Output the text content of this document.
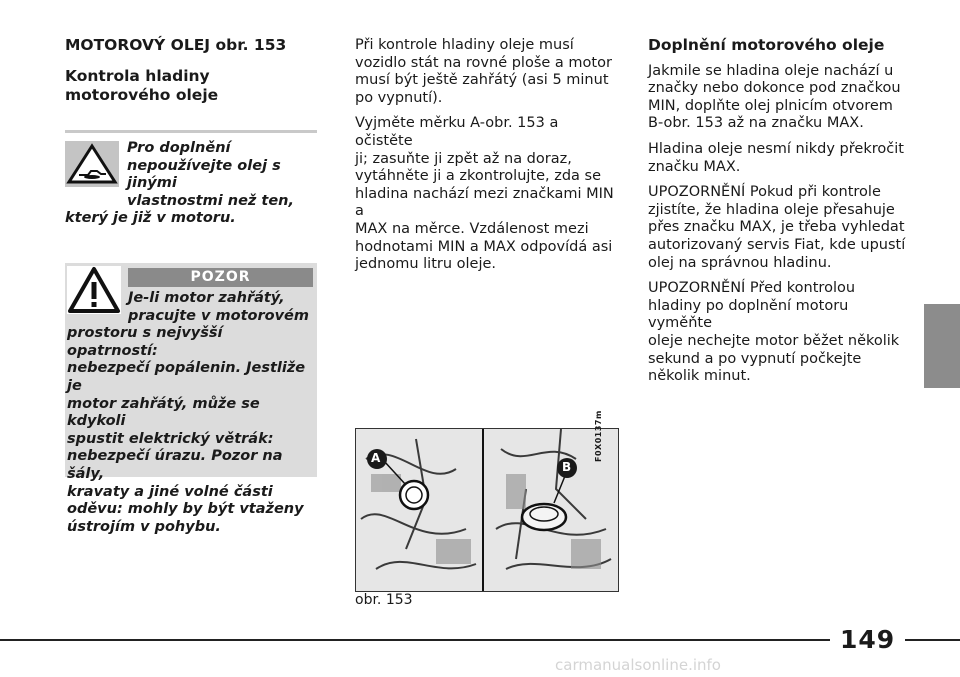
MOTOROVÝ OLEJ obr. 153
Kontrola hladiny motorového oleje
Pro doplnění
nepoužívejte olej s jinými
vlastnostmi než ten,
který je již v motoru.
POZOR
Je-li motor zahřátý,
pracujte v motorovém
prostoru s nejvyšší opatrností:
nebezpečí popálenin. Jestliže je
motor zahřátý, může se kdykoli
spustit elektrický větrák:
nebezpečí úrazu. Pozor na šály,
kravaty a jiné volné části
oděvu: mohly by být vtaženy
ústrojím v pohybu.

Při kontrole hladiny oleje musí
vozidlo stát na rovné ploše a motor
musí být ještě zahřátý (asi 5 minut
po vypnutí).

Vyjměte měrku A-obr. 153 a očistěte
ji; zasuňte ji zpět až na doraz,
vytáhněte ji a zkontrolujte, zda se
hladina nachází mezi značkami MIN a
MAX na měrce. Vzdálenost mezi
hodnotami MIN a MAX odpovídá asi
jednomu litru oleje.

A
B
F0X0137m
obr. 153
Doplnění motorového oleje

Jakmile se hladina oleje nachází u
značky nebo dokonce pod značkou
MIN, doplňte olej plnicím otvorem
B-obr. 153 až na značku MAX.

Hladina oleje nesmí nikdy překročit
značku MAX.

UPOZORNĚNÍ Pokud při kontrole
zjistíte, že hladina oleje přesahuje
přes značku MAX, je třeba vyhledat
autorizovaný servis Fiat, kde upustí
olej na správnou hladinu.

UPOZORNĚNÍ Před kontrolou
hladiny po doplnění motoru vyměňte
oleje nechejte motor běžet několik
sekund a po vypnutí počkejte
několik minut.

149
carmanualsonline.info
